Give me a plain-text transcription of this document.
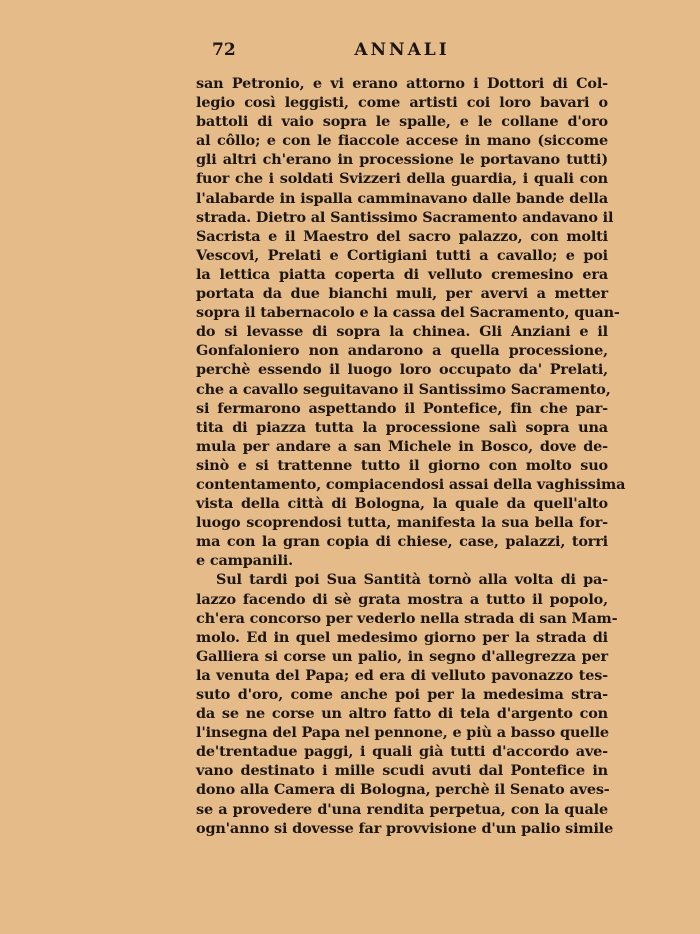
72	ANNALI
san Petronio, e vi erano attorno i Dottori di Col-
legio così leggisti, come artisti coi loro bavari o
battoli di vaio sopra le spalle, e le collane d'oro
al côllo; e con le fiaccole accese in mano (siccome
gli altri ch'erano in processione le portavano tutti)
fuor che i soldati Svizzeri della guardia, i quali con
l'alabarde in ispalla camminavano dalle bande della
strada. Dietro al Santissimo Sacramento andavano il
Sacrista e il Maestro del sacro palazzo, con molti
Vescovi, Prelati e Cortigiani tutti a cavallo; e poi
la lettica piatta coperta di velluto cremesino era
portata da due bianchi muli, per avervi a metter
sopra il tabernacolo e la cassa del Sacramento, quan-
do si levasse di sopra la chinea. Gli Anziani e il
Gonfaloniero non andarono a quella processione,
perchè essendo il luogo loro occupato da' Prelati,
che a cavallo seguitavano il Santissimo Sacramento,
si fermarono aspettando il Pontefice, fin che par-
tita di piazza tutta la processione salì sopra una
mula per andare a san Michele in Bosco, dove de-
sinò e si trattenne tutto il giorno con molto suo
contentamento, compiacendosi assai della vaghissima
vista della città di Bologna, la quale da quell'alto
luogo scoprendosi tutta, manifesta la sua bella for-
ma con la gran copia di chiese, case, palazzi, torri
e campanili.
Sul tardi poi Sua Santità tornò alla volta di pa-
lazzo facendo di sè grata mostra a tutto il popolo,
ch'era concorso per vederlo nella strada di san Mam-
molo. Ed in quel medesimo giorno per la strada di
Galliera si corse un palio, in segno d'allegrezza per
la venuta del Papa; ed era di velluto pavonazzo tes-
suto d'oro, come anche poi per la medesima stra-
da se ne corse un altro fatto di tela d'argento con
l'insegna del Papa nel pennone, e più a basso quelle
de'trentadue paggi, i quali già tutti d'accordo ave-
vano destinato i mille scudi avuti dal Pontefice in
dono alla Camera di Bologna, perchè il Senato aves-
se a provedere d'una rendita perpetua, con la quale
ogn'anno si dovesse far provvisione d'un palio simile
